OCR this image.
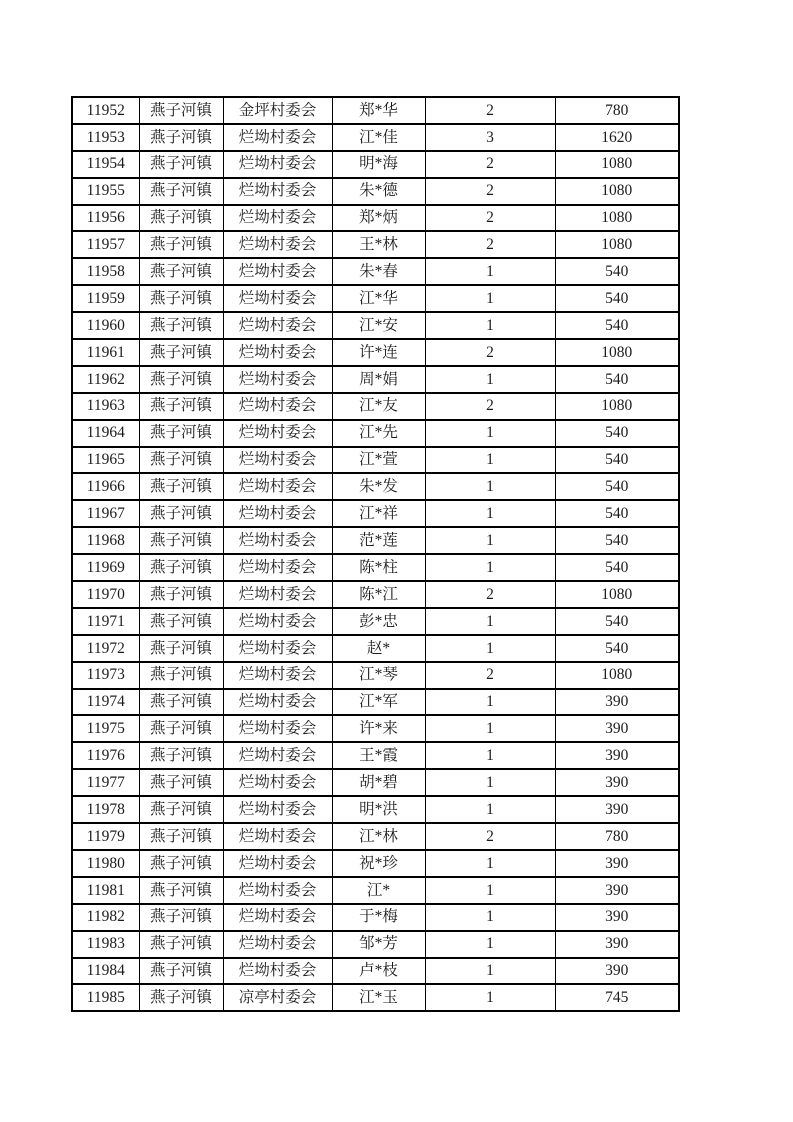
11952	燕子河镇	金坪村委会	郑*华	2	780
11953	燕子河镇	烂坳村委会	江*佳	3	1620
11954	燕子河镇	烂坳村委会	明*海	2	1080
11955	燕子河镇	烂坳村委会	朱*德	2	1080
11956	燕子河镇	烂坳村委会	郑*炳	2	1080
11957	燕子河镇	烂坳村委会	王*林	2	1080
11958	燕子河镇	烂坳村委会	朱*春	1	540
11959	燕子河镇	烂坳村委会	江*华	1	540
11960	燕子河镇	烂坳村委会	江*安	1	540
11961	燕子河镇	烂坳村委会	许*连	2	1080
11962	燕子河镇	烂坳村委会	周*娟	1	540
11963	燕子河镇	烂坳村委会	江*友	2	1080
11964	燕子河镇	烂坳村委会	江*先	1	540
11965	燕子河镇	烂坳村委会	江*萱	1	540
11966	燕子河镇	烂坳村委会	朱*发	1	540
11967	燕子河镇	烂坳村委会	江*祥	1	540
11968	燕子河镇	烂坳村委会	范*莲	1	540
11969	燕子河镇	烂坳村委会	陈*柱	1	540
11970	燕子河镇	烂坳村委会	陈*江	2	1080
11971	燕子河镇	烂坳村委会	彭*忠	1	540
11972	燕子河镇	烂坳村委会	赵*	1	540
11973	燕子河镇	烂坳村委会	江*琴	2	1080
11974	燕子河镇	烂坳村委会	江*军	1	390
11975	燕子河镇	烂坳村委会	许*来	1	390
11976	燕子河镇	烂坳村委会	王*霞	1	390
11977	燕子河镇	烂坳村委会	胡*碧	1	390
11978	燕子河镇	烂坳村委会	明*洪	1	390
11979	燕子河镇	烂坳村委会	江*林	2	780
11980	燕子河镇	烂坳村委会	祝*珍	1	390
11981	燕子河镇	烂坳村委会	江*	1	390
11982	燕子河镇	烂坳村委会	于*梅	1	390
11983	燕子河镇	烂坳村委会	邹*芳	1	390
11984	燕子河镇	烂坳村委会	卢*枝	1	390
11985	燕子河镇	凉亭村委会	江*玉	1	745
